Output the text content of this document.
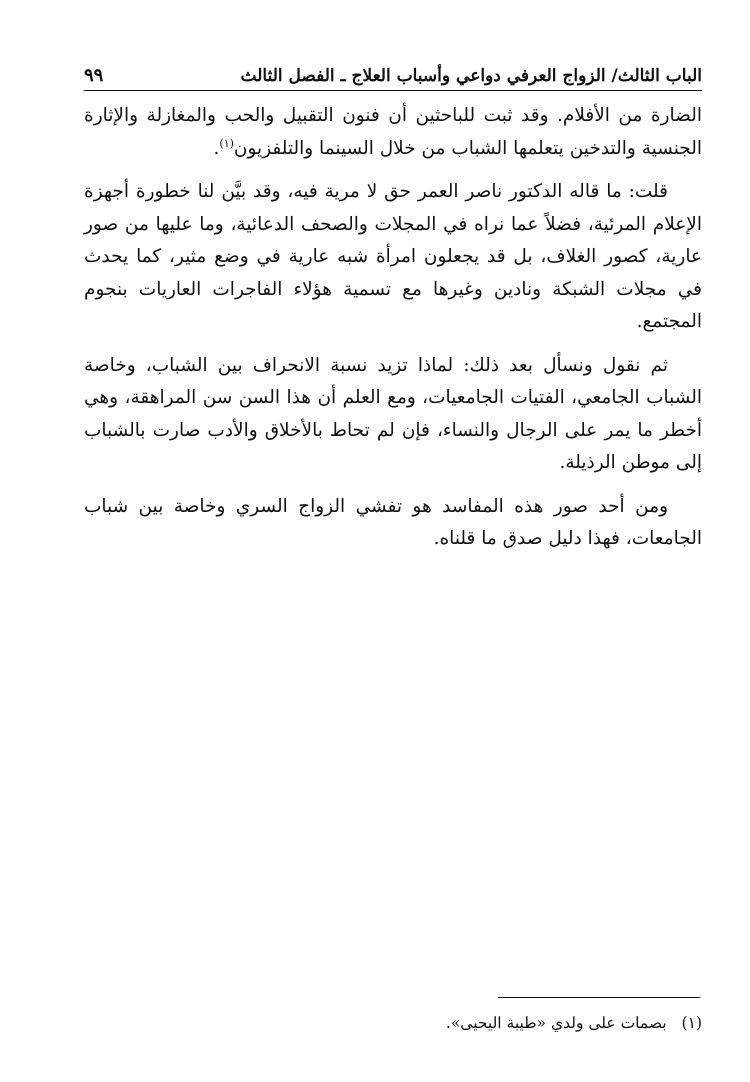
الباب الثالث/ الزواج العرفي دواعي وأسباب العلاج ـ الفصل الثالث
٩٩

الضارة من الأفلام. وقد ثبت للباحثين أن فنون التقبيل والحب والمغازلة والإثارة الجنسية والتدخين يتعلمها الشباب من خلال السينما والتلفزيون$^{(١)}$.

قلت: ما قاله الدكتور ناصر العمر حق لا مرية فيه، وقد بيَّن لنا خطورة أجهزة الإعلام المرئية، فضلاً عما نراه في المجلات والصحف الدعائية، وما عليها من صور عارية، كصور الغلاف، بل قد يجعلون امرأة شبه عارية في وضع مثير، كما يحدث في مجلات الشبكة ونادين وغيرها مع تسمية هؤلاء الفاجرات العاريات بنجوم المجتمع.

ثم نقول ونسأل بعد ذلك: لماذا تزيد نسبة الانحراف بين الشباب، وخاصة الشباب الجامعي، الفتيات الجامعيات، ومع العلم أن هذا السن سن المراهقة، وهي أخطر ما يمر على الرجال والنساء، فإن لم تحاط بالأخلاق والأدب صارت بالشباب إلى موطن الرذيلة.

ومن أحد صور هذه المفاسد هو تفشي الزواج السري وخاصة بين شباب الجامعات، فهذا دليل صدق ما قلناه.

(١) بصمات على ولدي «طيبة اليحيى».
